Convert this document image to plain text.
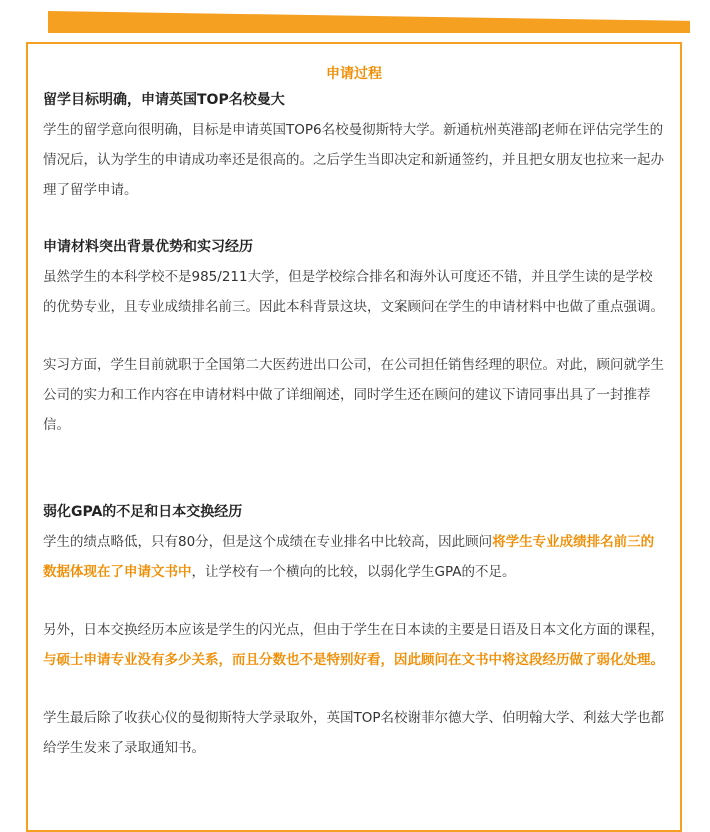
申请过程

留学目标明确，申请英国TOP名校曼大

学生的留学意向很明确，目标是申请英国TOP6名校曼彻斯特大学。新通杭州英港部J老师在评估完学生的情况后，认为学生的申请成功率还是很高的。之后学生当即决定和新通签约，并且把女朋友也拉来一起办理了留学申请。

申请材料突出背景优势和实习经历

虽然学生的本科学校不是985/211大学，但是学校综合排名和海外认可度还不错，并且学生读的是学校的优势专业，且专业成绩排名前三。因此本科背景这块，文案顾问在学生的申请材料中也做了重点强调。

实习方面，学生目前就职于全国第二大医药进出口公司，在公司担任销售经理的职位。对此，顾问就学生公司的实力和工作内容在申请材料中做了详细阐述，同时学生还在顾问的建议下请同事出具了一封推荐信。

弱化GPA的不足和日本交换经历

学生的绩点略低，只有80分，但是这个成绩在专业排名中比较高，因此顾问将学生专业成绩排名前三的数据体现在了申请文书中，让学校有一个横向的比较，以弱化学生GPA的不足。

另外，日本交换经历本应该是学生的闪光点，但由于学生在日本读的主要是日语及日本文化方面的课程，与硕士申请专业没有多少关系，而且分数也不是特别好看，因此顾问在文书中将这段经历做了弱化处理。

学生最后除了收获心仪的曼彻斯特大学录取外，英国TOP名校谢菲尔德大学、伯明翰大学、利兹大学也都给学生发来了录取通知书。
